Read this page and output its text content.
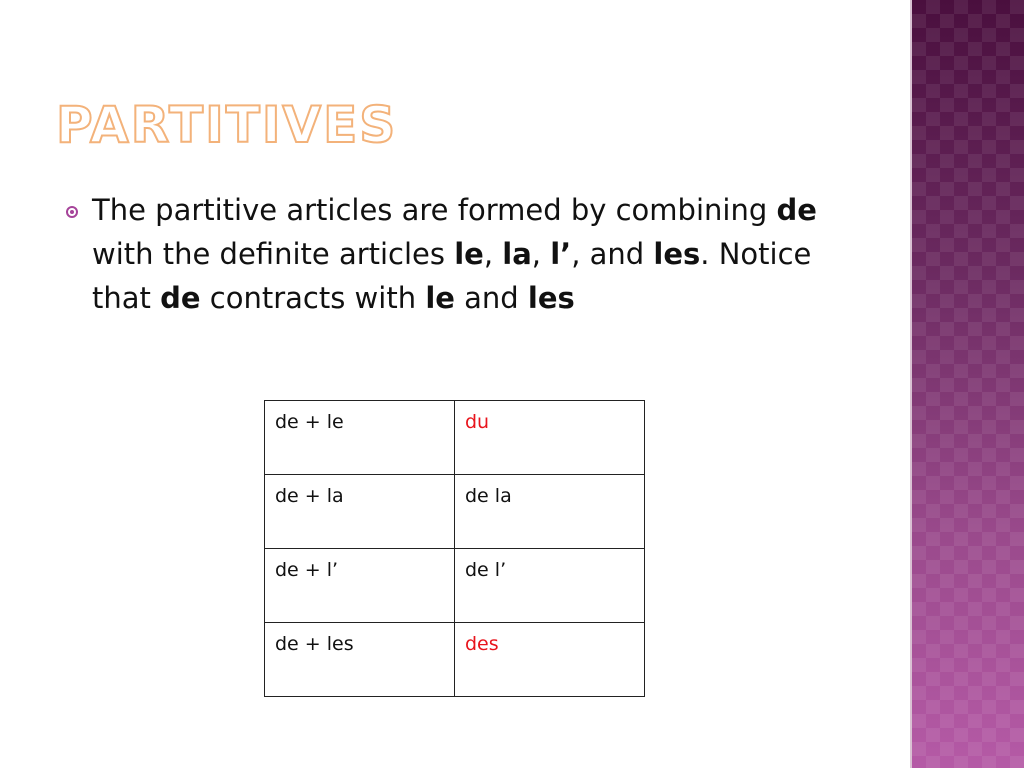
PARTITIVES
The partitive articles are formed by combining de with the definite articles le, la, l’, and les. Notice that de contracts with le and les
de + le	du
de + la	de la
de + l’	de l’
de + les	des
